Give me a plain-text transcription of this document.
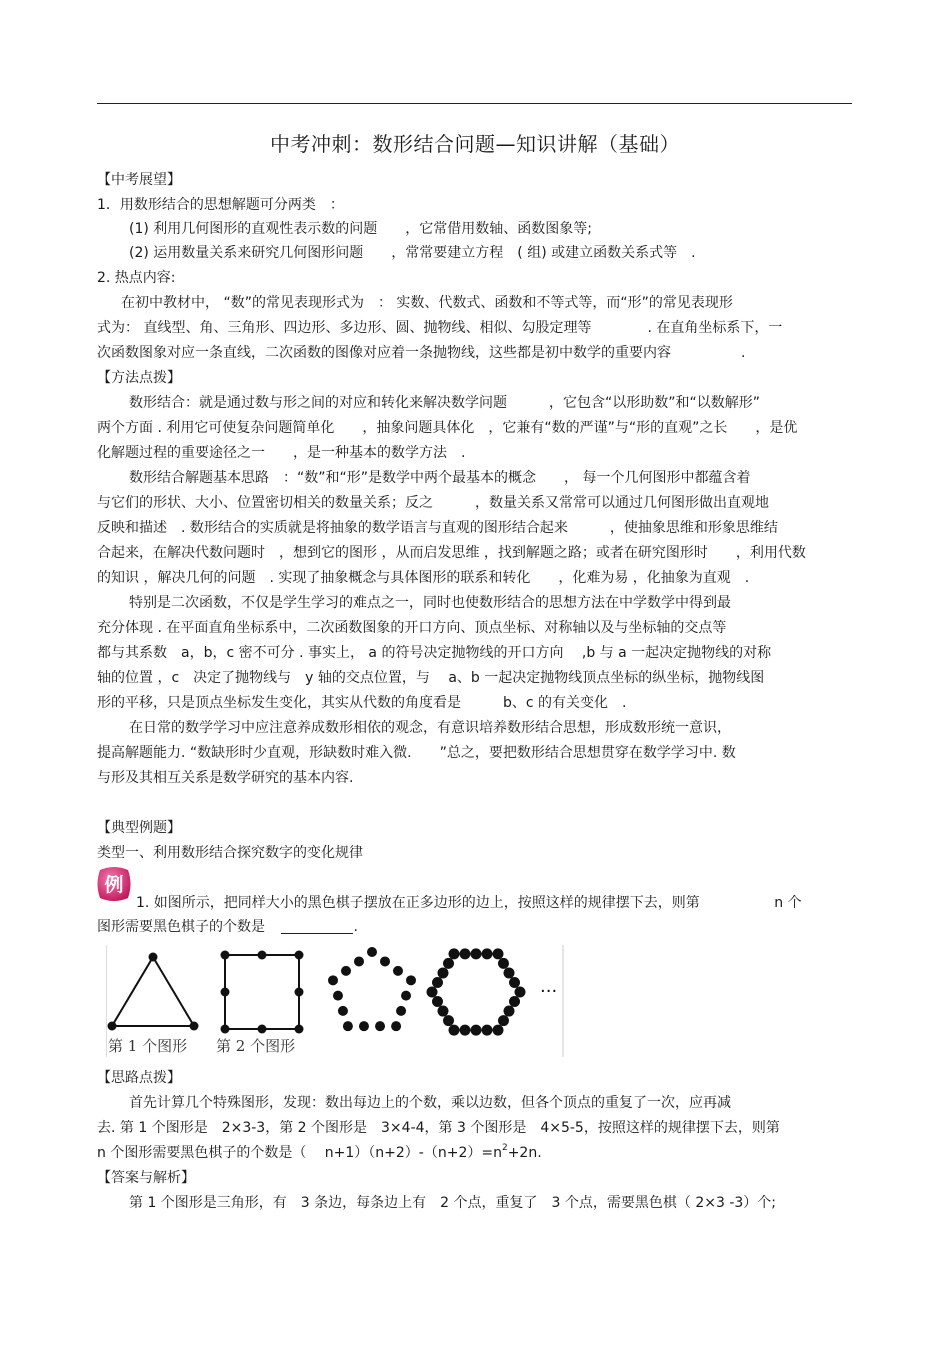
中考冲刺：数形结合问题—知识讲解（基础）
【中考展望】
1．用数形结合的思想解题可分两类　：
(1) 利用几何图形的直观性表示数的问题　　，它常借用数轴、函数图象等;
(2) 运用数量关系来研究几何图形问题　　，常常要建立方程　( 组) 或建立函数关系式等　.
2. 热点内容:
在初中教材中， “数”的常见表现形式为　： 实数、代数式、函数和不等式等，而“形”的常见表现形
式为： 直线型、角、三角形、四边形、多边形、圆、抛物线、相似、勾股定理等　　　　. 在直角坐标系下，一
次函数图象对应一条直线，二次函数的图像对应着一条抛物线，这些都是初中数学的重要内容　　　　　.
【方法点拨】
数形结合：就是通过数与形之间的对应和转化来解决数学问题　　　，它包含“以形助数”和“以数解形”
两个方面 . 利用它可使复杂问题简单化　　，抽象问题具体化　，它兼有“数的严谨”与“形的直观”之长　　，是优
化解题过程的重要途径之一　　，是一种基本的数学方法　.
数形结合解题基本思路　：“数”和“形”是数学中两个最基本的概念　　， 每一个几何图形中都蕴含着
与它们的形状、大小、位置密切相关的数量关系；反之　　　，数量关系又常常可以通过几何图形做出直观地
反映和描述　. 数形结合的实质就是将抽象的数学语言与直观的图形结合起来　　　，使抽象思维和形象思维结
合起来，在解决代数问题时　，想到它的图形 ，从而启发思维 ，找到解题之路；或者在研究图形时　　，利用代数
的知识 ，解决几何的问题　. 实现了抽象概念与具体图形的联系和转化　　，化难为易 ，化抽象为直观　.
特别是二次函数，不仅是学生学习的难点之一，同时也使数形结合的思想方法在中学数学中得到最
充分体现 . 在平面直角坐标系中，二次函数图象的开口方向、顶点坐标、对称轴以及与坐标轴的交点等
都与其系数　a，b，c 密不可分 . 事实上， a 的符号决定抛物线的开口方向　 ,b 与 a 一起决定抛物线的对称
轴的位置 ，c　决定了抛物线与　y 轴的交点位置，与　 a、b 一起决定抛物线顶点坐标的纵坐标，抛物线图
形的平移，只是顶点坐标发生变化，其实从代数的角度看是　　　b、c 的有关变化　.
在日常的数学学习中应注意养成数形相依的观念，有意识培养数形结合思想，形成数形统一意识，
提高解题能力. “数缺形时少直观，形缺数时难入微.　　”总之，要把数形结合思想贯穿在数学学习中. 数
与形及其相互关系是数学研究的基本内容.
【典型例题】
类型一、利用数形结合探究数字的变化规律
例
1. 如图所示，把同样大小的黑色棋子摆放在正多边形的边上，按照这样的规律摆下去，则第　　　　　 n 个
图形需要黑色棋子的个数是	.
第 1 个图形 第 2 个图形
···
【思路点拨】
首先计算几个特殊图形，发现：数出每边上的个数，乘以边数，但各个顶点的重复了一次，应再减
去. 第 1 个图形是　2×3-3，第 2 个图形是　3×4-4，第 3 个图形是　4×5-5，按照这样的规律摆下去，则第
n 个图形需要黑色棋子的个数是（　 $n+1)(n+2)-(n+2)=n^2+2n$.
【答案与解析】
第 1 个图形是三角形，有　3 条边，每条边上有　2 个点，重复了　3 个点，需要黑色棋（ 2×3 -3）个;
